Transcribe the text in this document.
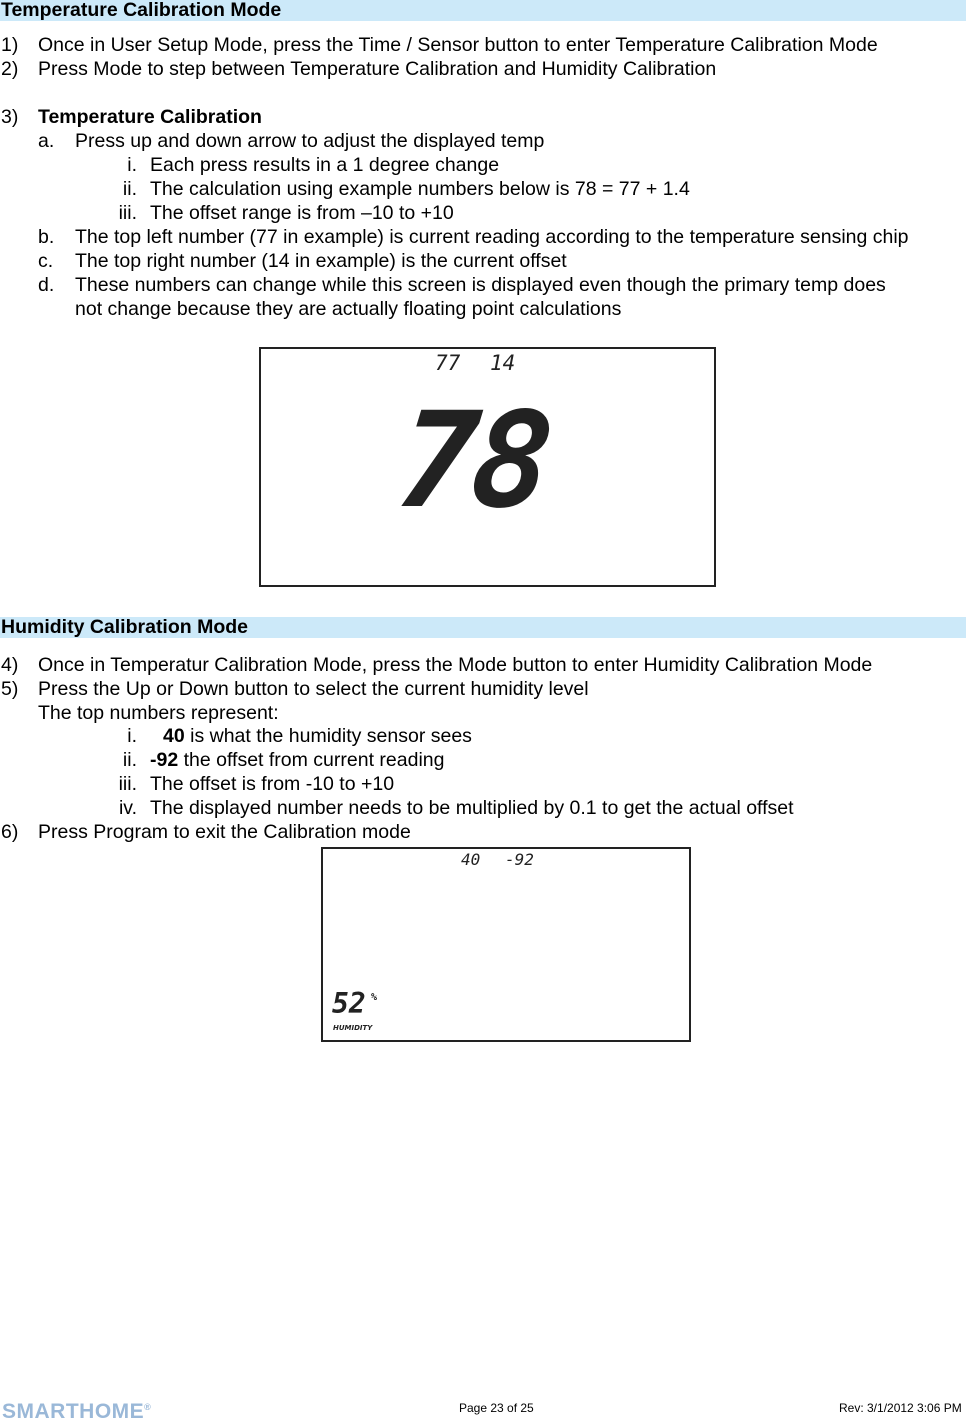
Temperature Calibration Mode
1) Once in User Setup Mode, press the Time / Sensor button to enter Temperature Calibration Mode
2) Press Mode to step between Temperature Calibration and Humidity Calibration
3) Temperature Calibration
a. Press up and down arrow to adjust the displayed temp
i. Each press results in a 1 degree change
ii. The calculation using example numbers below is 78 = 77 + 1.4
iii. The offset range is from –10 to +10
b. The top left number (77 in example) is current reading according to the temperature sensing chip
c. The top right number (14 in example) is the current offset
d. These numbers can change while this screen is displayed even though the primary temp does
not change because they are actually floating point calculations
77 14
78
Humidity Calibration Mode
4) Once in Temperatur Calibration Mode, press the Mode button to enter Humidity Calibration Mode
5) Press the Up or Down button to select the current humidity level
The top numbers represent:
i. 40 is what the humidity sensor sees
ii. -92 the offset from current reading
iii. The offset is from -10 to +10
iv. The displayed number needs to be multiplied by 0.1 to get the actual offset
6) Press Program to exit the Calibration mode
40 -92
52 %
HUMIDITY
SMARTHOME®	Page 23 of 25	Rev: 3/1/2012 3:06 PM
